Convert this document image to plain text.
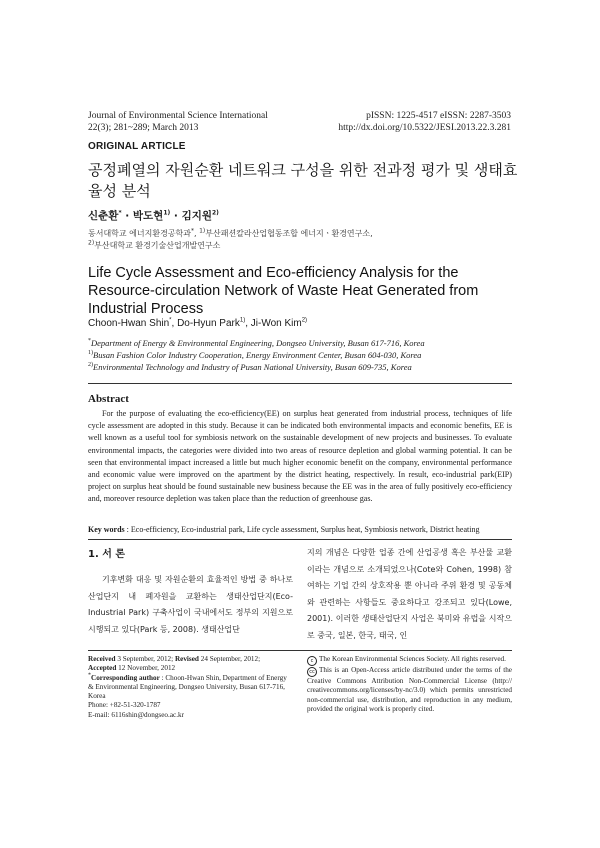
Journal of Environmental Science International
22(3); 281~289; March 2013
pISSN: 1225-4517 eISSN: 2287-3503
http://dx.doi.org/10.5322/JESI.2013.22.3.281
ORIGINAL ARTICLE
공정폐열의 자원순환 네트워크 구성을 위한 전과정 평가 및 생태효율성 분석
신춘환* · 박도현$^{1)}$ · 김지원$^{2)}$
동서대학교 에너지환경공학과*, $^{1)}$부산패션칼라산업협동조합 에너지ㆍ환경연구소,
$^{2)}$부산대학교 환경기술산업개발연구소
Life Cycle Assessment and Eco-efficiency Analysis for the Resource-circulation Network of Waste Heat Generated from Industrial Process
Choon-Hwan Shin*, Do-Hyun Park$^{1)}$, Ji-Won Kim$^{2)}$
*Department of Energy & Environmental Engineering, Dongseo University, Busan 617-716, Korea
$^{1)}$Busan Fashion Color Industry Cooperation, Energy Environment Center, Busan 604-030, Korea
$^{2)}$Environmental Technology and Industry of Pusan National University, Busan 609-735, Korea
Abstract
For the purpose of evaluating the eco-efficiency(EE) on surplus heat generated from industrial process, techniques of life cycle assessment are adopted in this study. Because it can be indicated both environmental impacts and economic benefits, EE is well known as a useful tool for symbiosis network on the sustainable development of new projects and businesses. To evaluate environmental impacts, the categories were divided into two areas of resource depletion and global warming potential. It can be seen that environmental impact increased a little but much higher economic benefit on the company, environmental performance and economic value were improved on the apartment by the district heating, respectively. In result, eco-industrial park(EIP) project on surplus heat should be found sustainable new business because the EE was in the area of fully positively eco-efficiency and, moreover resource depletion was taken place than the reduction of greenhouse gas.
Key words : Eco-efficiency, Eco-industrial park, Life cycle assessment, Surplus heat, Symbiosis network, District heating
1. 서 론
기후변화 대응 및 자원순환의 효율적인 방법 중 하나로 산업단지 내 폐자원을 교환하는 생태산업단지(Eco-Industrial Park) 구축사업이 국내에서도 정부의 지원으로 시행되고 있다(Park 등, 2008). 생태산업단
지의 개념은 다양한 업종 간에 산업공생 혹은 부산물 교환이라는 개념으로 소개되었으나(Cote와 Cohen, 1998) 참여하는 기업 간의 상호작용 뿐 아니라 주위 환경 및 공동체와 관련하는 사항들도 중요하다고 강조되고 있다(Lowe, 2001). 이러한 생태산업단지 사업은 북미와 유럽을 시작으로 중국, 일본, 한국, 태국, 인
Received 3 September, 2012; Revised 24 September, 2012;
Accepted 12 November, 2012
*Corresponding author : Choon-Hwan Shin, Department of Energy & Environmental Engineering, Dongseo University, Busan 617-716, Korea
Phone: +82-51-320-1787
E-mail: 6116shin@dongseo.ac.kr
c The Korean Environmental Sciences Society. All rights reserved.
cc This is an Open-Access article distributed under the terms of the Creative Commons Attribution Non-Commercial License (http:// creativecommons.org/licenses/by-nc/3.0) which permits unrestricted non-commercial use, distribution, and reproduction in any medium, provided the original work is properly cited.
